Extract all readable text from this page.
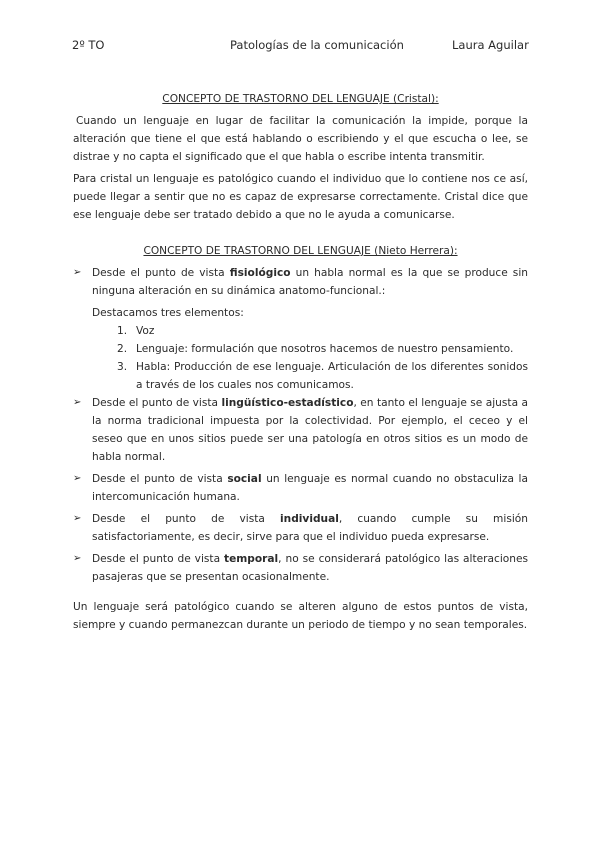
2º TO	Patologías de la comunicación	Laura Aguilar
CONCEPTO DE TRASTORNO DEL LENGUAJE (Cristal):
Cuando un lenguaje en lugar de facilitar la comunicación la impide, porque la alteración que tiene el que está hablando o escribiendo y el que escucha o lee, se distrae y no capta el significado que el que habla o escribe intenta transmitir.
Para cristal un lenguaje es patológico cuando el individuo que lo contiene nos ce así, puede llegar a sentir que no es capaz de expresarse correctamente. Cristal dice que ese lenguaje debe ser tratado debido a que no le ayuda a comunicarse.
CONCEPTO DE TRASTORNO DEL LENGUAJE (Nieto Herrera):
➢ Desde el punto de vista fisiológico un habla normal es la que se produce sin ninguna alteración en su dinámica anatomo-funcional.:
Destacamos tres elementos:
1. Voz
2. Lenguaje: formulación que nosotros hacemos de nuestro pensamiento.
3. Habla: Producción de ese lenguaje. Articulación de los diferentes sonidos a través de los cuales nos comunicamos.
➢ Desde el punto de vista lingüístico-estadístico, en tanto el lenguaje se ajusta a la norma tradicional impuesta por la colectividad. Por ejemplo, el ceceo y el seseo que en unos sitios puede ser una patología en otros sitios es un modo de habla normal.
➢ Desde el punto de vista social un lenguaje es normal cuando no obstaculiza la intercomunicación humana.
➢ Desde el punto de vista individual, cuando cumple su misión satisfactoriamente, es decir, sirve para que el individuo pueda expresarse.
➢ Desde el punto de vista temporal, no se considerará patológico las alteraciones pasajeras que se presentan ocasionalmente.
Un lenguaje será patológico cuando se alteren alguno de estos puntos de vista, siempre y cuando permanezcan durante un periodo de tiempo y no sean temporales.
